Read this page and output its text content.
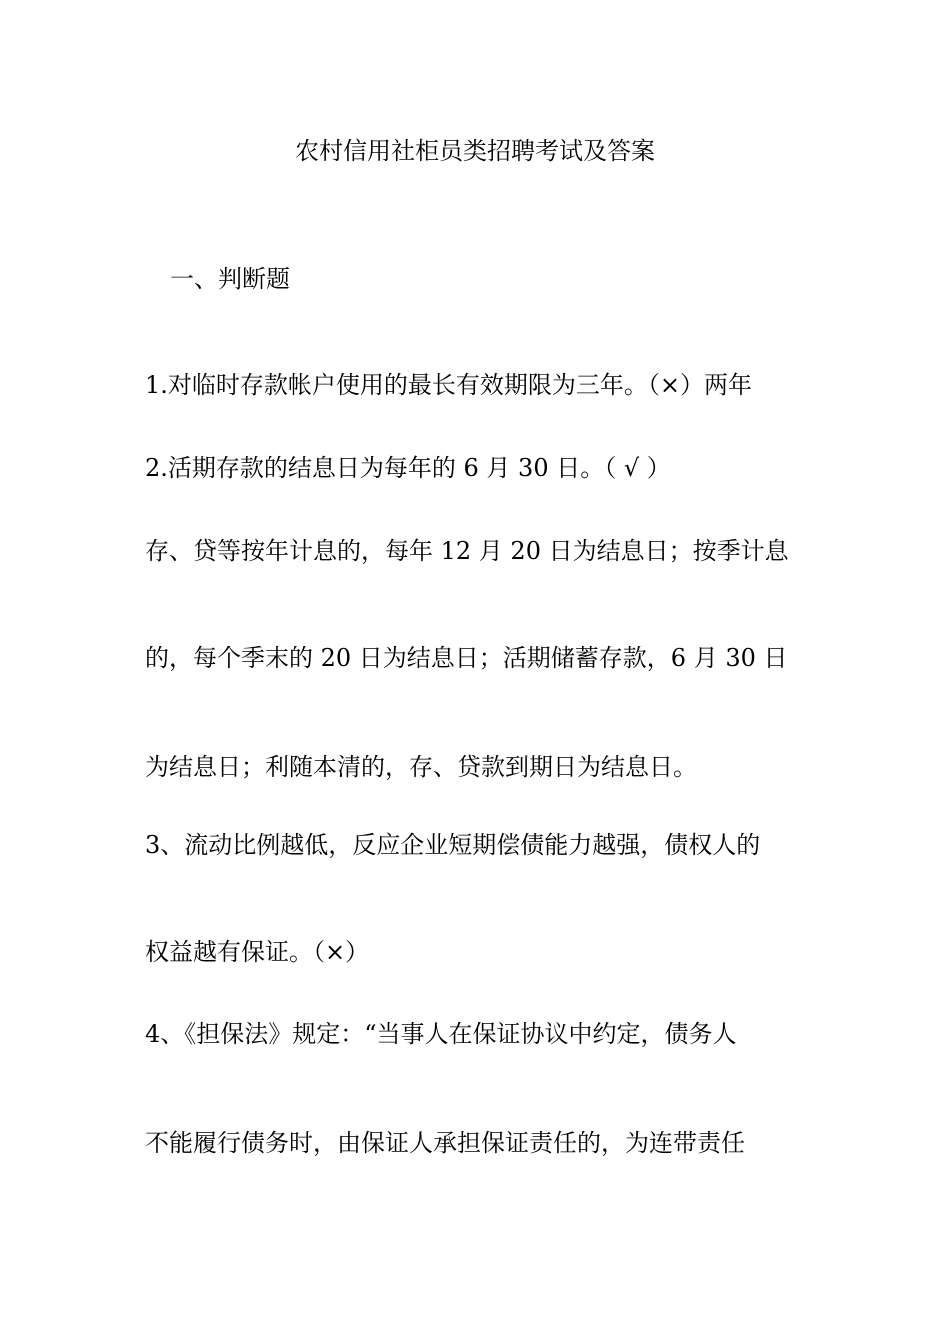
农村信用社柜员类招聘考试及答案
一、判断题
1.对临时存款帐户使用的最长有效期限为三年。（×）两年
2.活期存款的结息日为每年的 6 月 30 日。（ √ ）
存、贷等按年计息的，每年 12 月 20 日为结息日；按季计息
的，每个季末的 20 日为结息日；活期储蓄存款，6 月 30 日
为结息日；利随本清的，存、贷款到期日为结息日。
3、流动比例越低，反应企业短期偿债能力越强，债权人的
权益越有保证。（×）
4、《担保法》规定：“当事人在保证协议中约定，债务人
不能履行债务时，由保证人承担保证责任的，为连带责任
